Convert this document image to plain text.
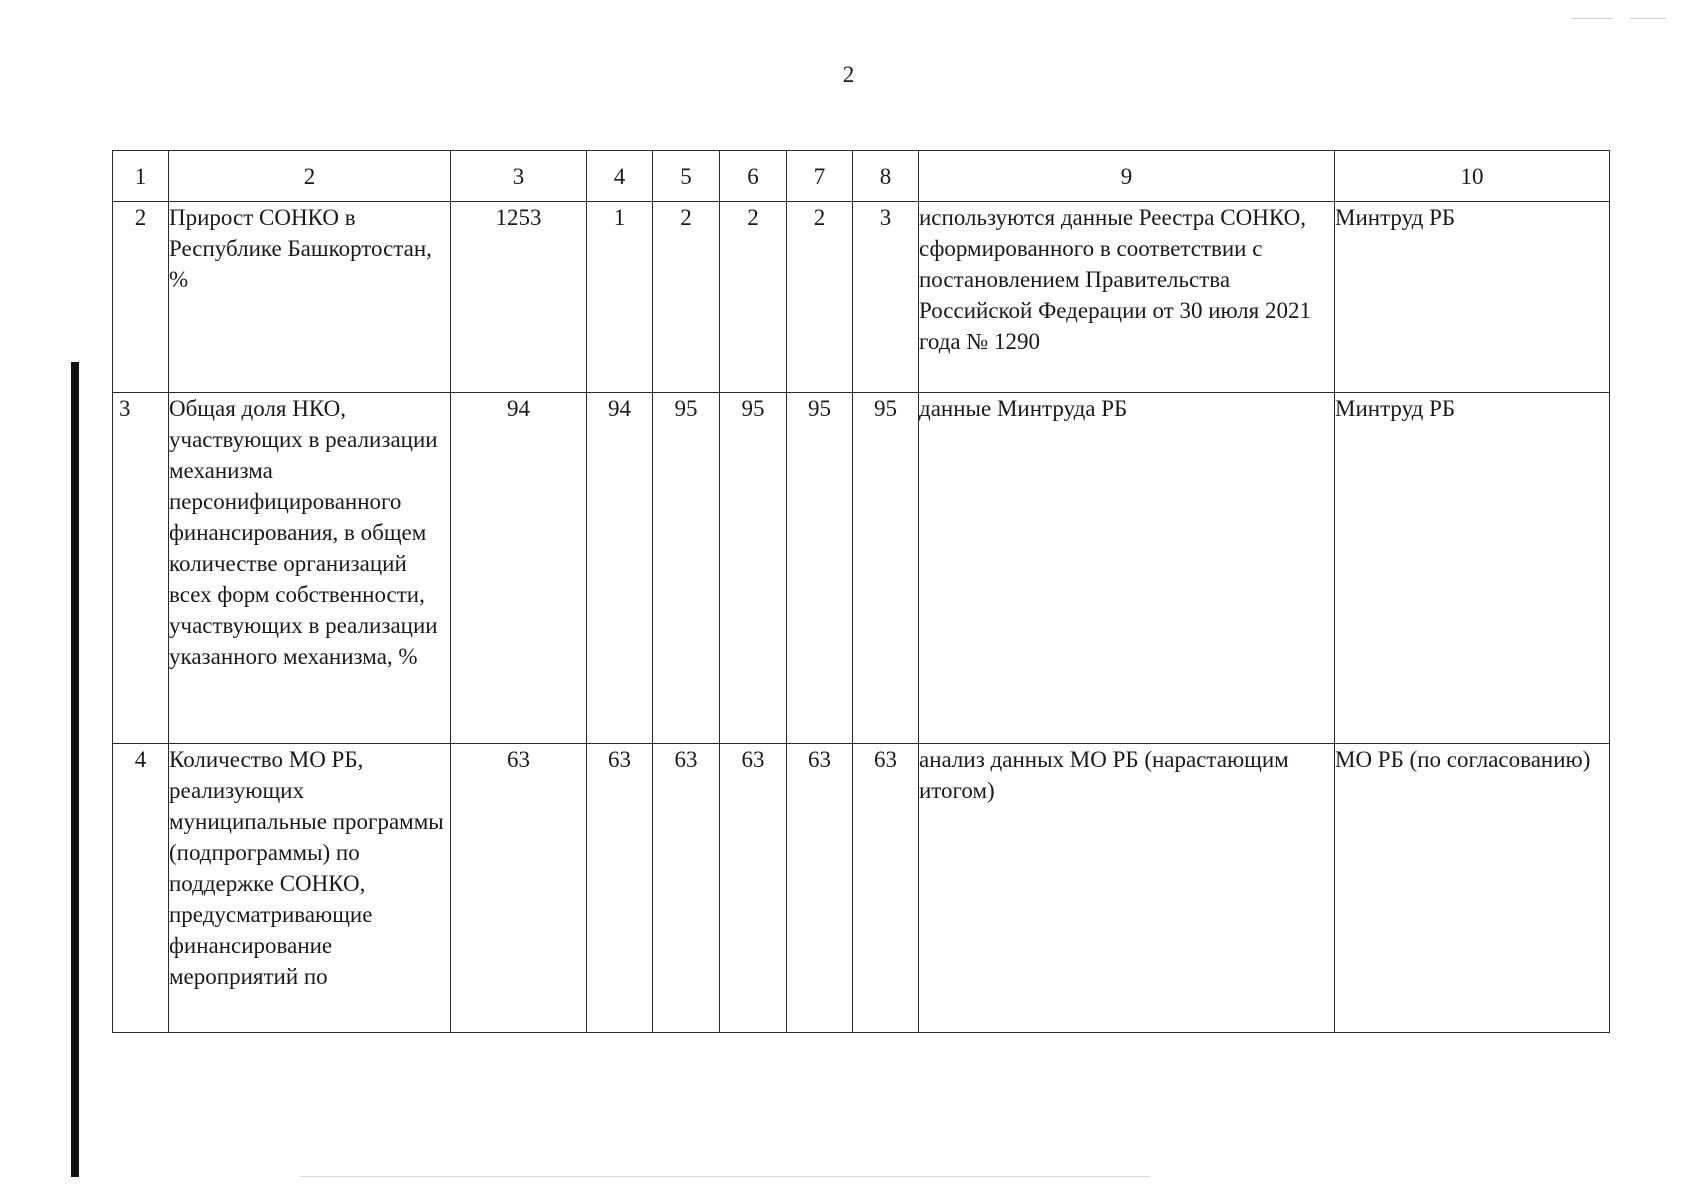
2
1	2	3	4	5	6	7	8	9	10
2	Прирост СОНКО в Республике Башкортостан, %	1253	1	2	2	2	3	используются данные Реестра СОНКО, сформированного в соответствии с постановлением Правительства Российской Федерации от 30 июля 2021 года № 1290	Минтруд РБ
3	Общая доля НКО, участвующих в реализации механизма персонифицированного финансирования, в общем количестве организаций всех форм собственности, участвующих в реализации указанного механизма, %	94	94	95	95	95	95	данные Минтруда РБ	Минтруд РБ
4	Количество МО РБ, реализующих муниципальные программы (подпрограммы) по поддержке СОНКО, предусматривающие финансирование мероприятий по	63	63	63	63	63	63	анализ данных МО РБ (нарастающим итогом)	МО РБ (по согласованию)
